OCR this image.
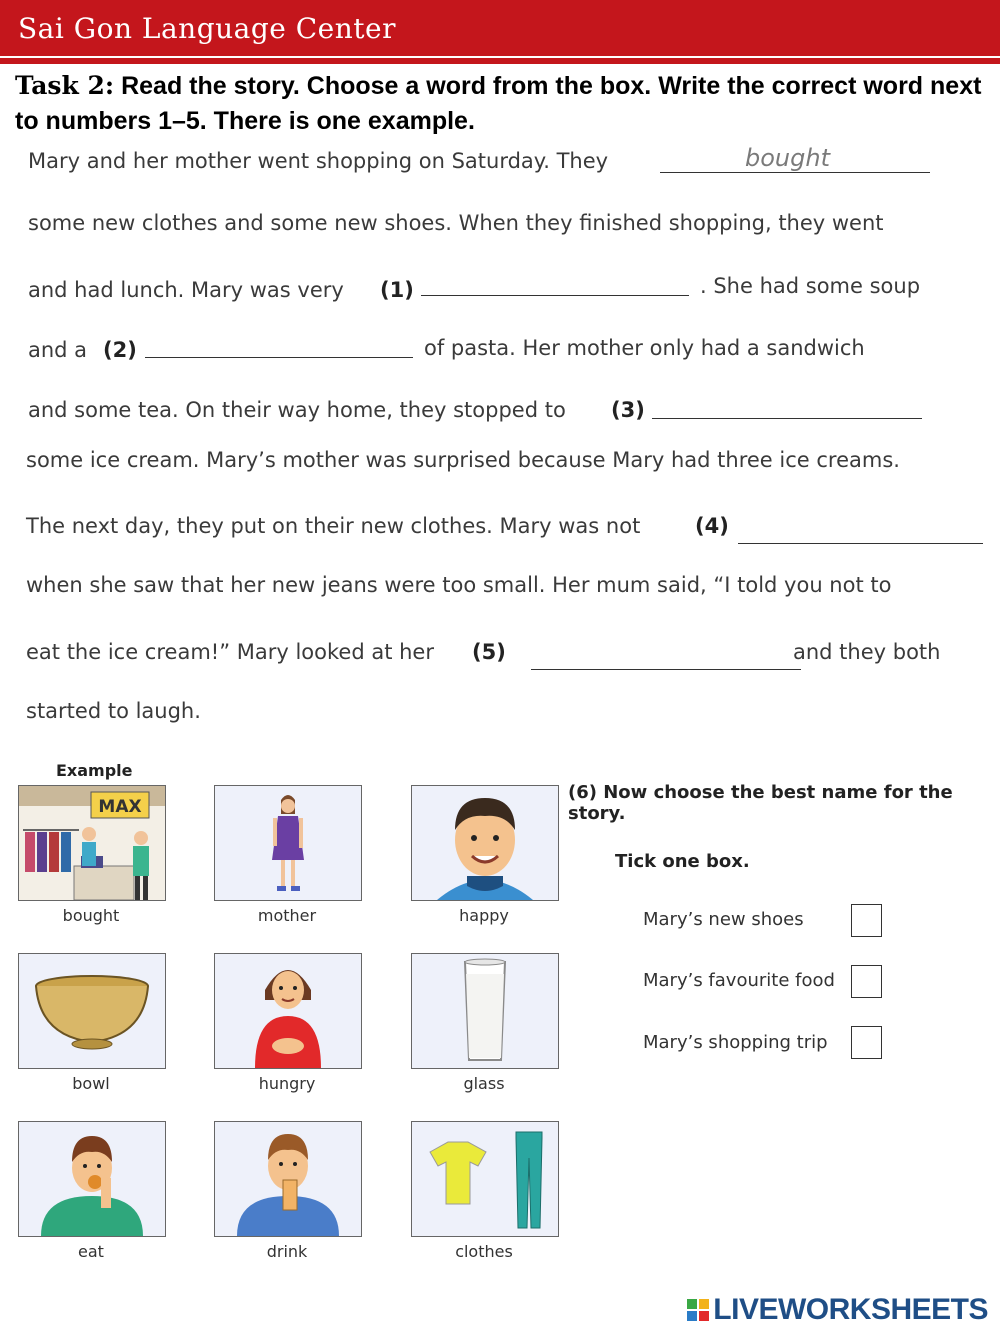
Sai Gon Language Center
Task 2: Read the story. Choose a word from the box. Write the correct word next to numbers 1–5. There is one example.
Mary and her mother went shopping on Saturday. They	bought
some new clothes and some new shoes. When they finished shopping, they went
and had lunch. Mary was very (1)	. She had some soup
and a (2)	of pasta. Her mother only had a sandwich
and some tea. On their way home, they stopped to (3)
some ice cream. Mary’s mother was surprised because Mary had three ice creams.
The next day, they put on their new clothes. Mary was not	(4)
when she saw that her new jeans were too small. Her mum said, “I told you not to
eat the ice cream!” Mary looked at her (5)	and they both
started to laugh.
Example
MAX
bought	mother	happy
bowl	hungry	glass
eat	drink	clothes
(6) Now choose the best name for the story.
Tick one box.
Mary’s new shoes
Mary’s favourite food
Mary’s shopping trip
LIVEWORKSHEETS
